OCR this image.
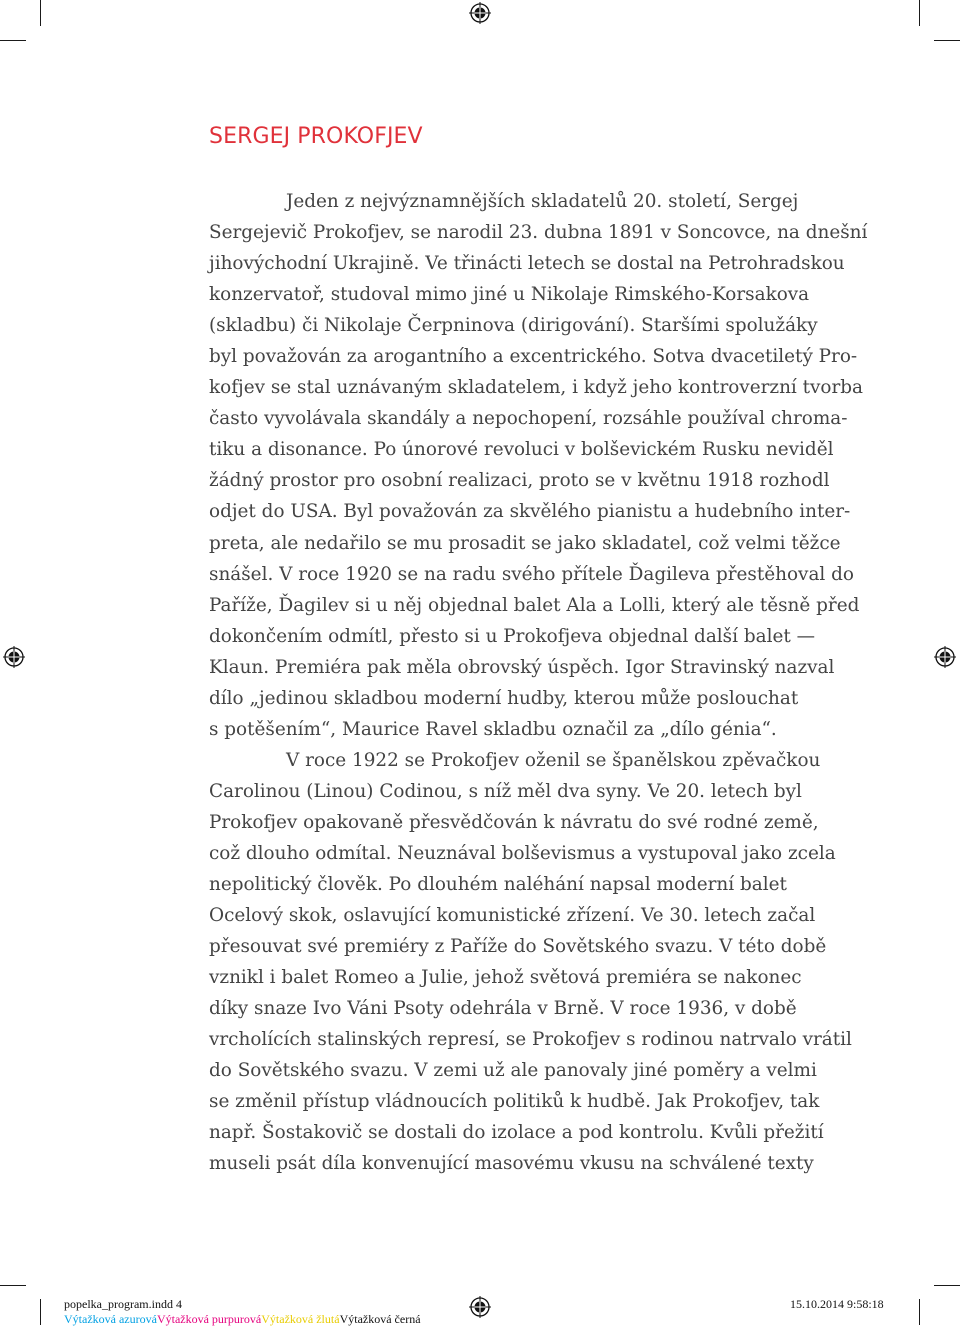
SERGEJ PROKOFJEV
Jeden z nejvýznamnějších skladatelů 20. století, Sergej
Sergejevič Prokofjev, se narodil 23. dubna 1891 v Soncovce, na dnešní
jihovýchodní Ukrajině. Ve třinácti letech se dostal na Petrohradskou
konzervatoř, studoval mimo jiné u Nikolaje Rimského-Korsakova
(skladbu) či Nikolaje Čerpninova (dirigování). Staršími spolužáky
byl považován za arogantního a excentrického. Sotva dvacetiletý Pro-
kofjev se stal uznávaným skladatelem, i když jeho kontroverzní tvorba
často vyvolávala skandály a nepochopení, rozsáhle používal chroma-
tiku a disonance. Po únorové revoluci v bolševickém Rusku neviděl
žádný prostor pro osobní realizaci, proto se v květnu 1918 rozhodl
odjet do USA. Byl považován za skvělého pianistu a hudebního inter-
preta, ale nedařilo se mu prosadit se jako skladatel, což velmi těžce
snášel. V roce 1920 se na radu svého přítele Ďagileva přestěhoval do
Paříže, Ďagilev si u něj objednal balet Ala a Lolli, který ale těsně před
dokončením odmítl, přesto si u Prokofjeva objednal další balet —
Klaun. Premiéra pak měla obrovský úspěch. Igor Stravinský nazval
dílo „jedinou skladbou moderní hudby, kterou může poslouchat
s potěšením“, Maurice Ravel skladbu označil za „dílo génia“.
V roce 1922 se Prokofjev oženil se španělskou zpěvačkou
Carolinou (Linou) Codinou, s níž měl dva syny. Ve 20. letech byl
Prokofjev opakovaně přesvědčován k návratu do své rodné země,
což dlouho odmítal. Neuznával bolševismus a vystupoval jako zcela
nepolitický člověk. Po dlouhém naléhání napsal moderní balet
Ocelový skok, oslavující komunistické zřízení. Ve 30. letech začal
přesouvat své premiéry z Paříže do Sovětského svazu. V této době
vznikl i balet Romeo a Julie, jehož světová premiéra se nakonec
díky snaze Ivo Váni Psoty odehrála v Brně. V roce 1936, v době
vrcholících stalinských represí, se Prokofjev s rodinou natrvalo vrátil
do Sovětského svazu. V zemi už ale panovaly jiné poměry a velmi
se změnil přístup vládnoucích politiků k hudbě. Jak Prokofjev, tak
např. Šostakovič se dostali do izolace a pod kontrolu. Kvůli přežití
museli psát díla konvenující masovému vkusu na schválené texty
popelka_program.indd 4	15.10.2014 9:58:18
Výtažková azurováVýtažková purpurováVýtažková žlutáVýtažková černá
